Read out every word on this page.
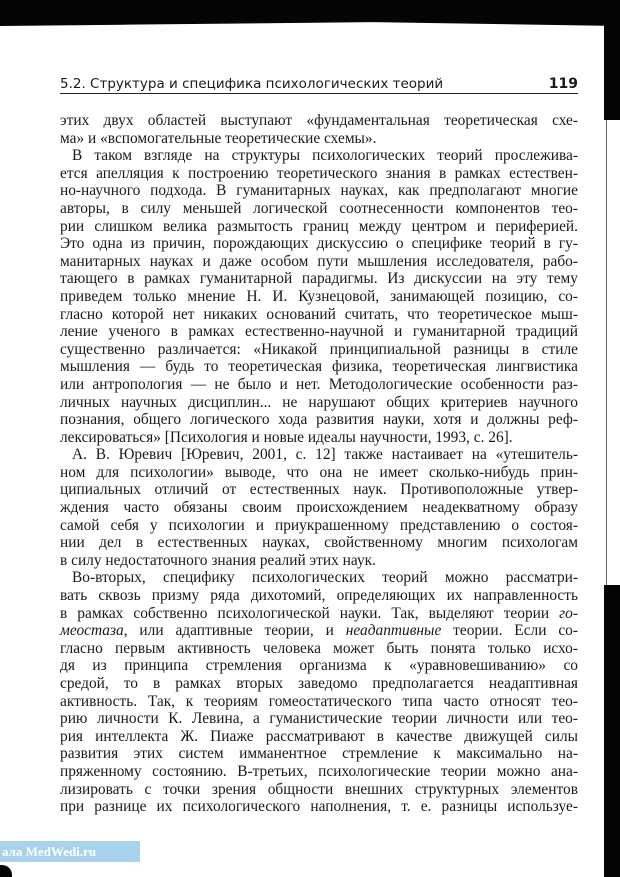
5.2. Структура и специфика психологических теорий	119
этих двух областей выступают «фундаментальная теоретическая схе-
ма» и «вспомогательные теоретические схемы».
В таком взгляде на структуры психологических теорий прослежива-
ется апелляция к построению теоретического знания в рамках естествен-
но-научного подхода. В гуманитарных науках, как предполагают многие
авторы, в силу меньшей логической соотнесенности компонентов тео-
рии слишком велика размытость границ между центром и периферией.
Это одна из причин, порождающих дискуссию о специфике теорий в гу-
манитарных науках и даже особом пути мышления исследователя, рабо-
тающего в рамках гуманитарной парадигмы. Из дискуссии на эту тему
приведем только мнение Н. И. Кузнецовой, занимающей позицию, со-
гласно которой нет никаких оснований считать, что теоретическое мыш-
ление ученого в рамках естественно-научной и гуманитарной традиций
существенно различается: «Никакой принципиальной разницы в стиле
мышления — будь то теоретическая физика, теоретическая лингвистика
или антропология — не было и нет. Методологические особенности раз-
личных научных дисциплин... не нарушают общих критериев научного
познания, общего логического хода развития науки, хотя и должны реф-
лексироваться» [Психология и новые идеалы научности, 1993, с. 26].
А. В. Юревич [Юревич, 2001, с. 12] также настаивает на «утешитель-
ном для психологии» выводе, что она не имеет сколько-нибудь прин-
ципиальных отличий от естественных наук. Противоположные утвер-
ждения часто обязаны своим происхождением неадекватному образу
самой себя у психологии и приукрашенному представлению о состоя-
нии дел в естественных науках, свойственному многим психологам
в силу недостаточного знания реалий этих наук.
Во-вторых, специфику психологических теорий можно рассматри-
вать сквозь призму ряда дихотомий, определяющих их направленность
в рамках собственно психологической науки. Так, выделяют теории го-
меостаза, или адаптивные теории, и неадаптивные теории. Если со-
гласно первым активность человека может быть понята только исхо-
дя из принципа стремления организма к «уравновешиванию» со
средой, то в рамках вторых заведомо предполагается неадаптивная
активность. Так, к теориям гомеостатического типа часто относят тео-
рию личности К. Левина, а гуманистические теории личности или тео-
рия интеллекта Ж. Пиаже рассматривают в качестве движущей силы
развития этих систем имманентное стремление к максимально на-
пряженному состоянию. В-третьих, психологические теории можно ана-
лизировать с точки зрения общности внешних структурных элементов
при разнице их психологического наполнения, т. е. разницы используе-
ала MedWedi.ru
